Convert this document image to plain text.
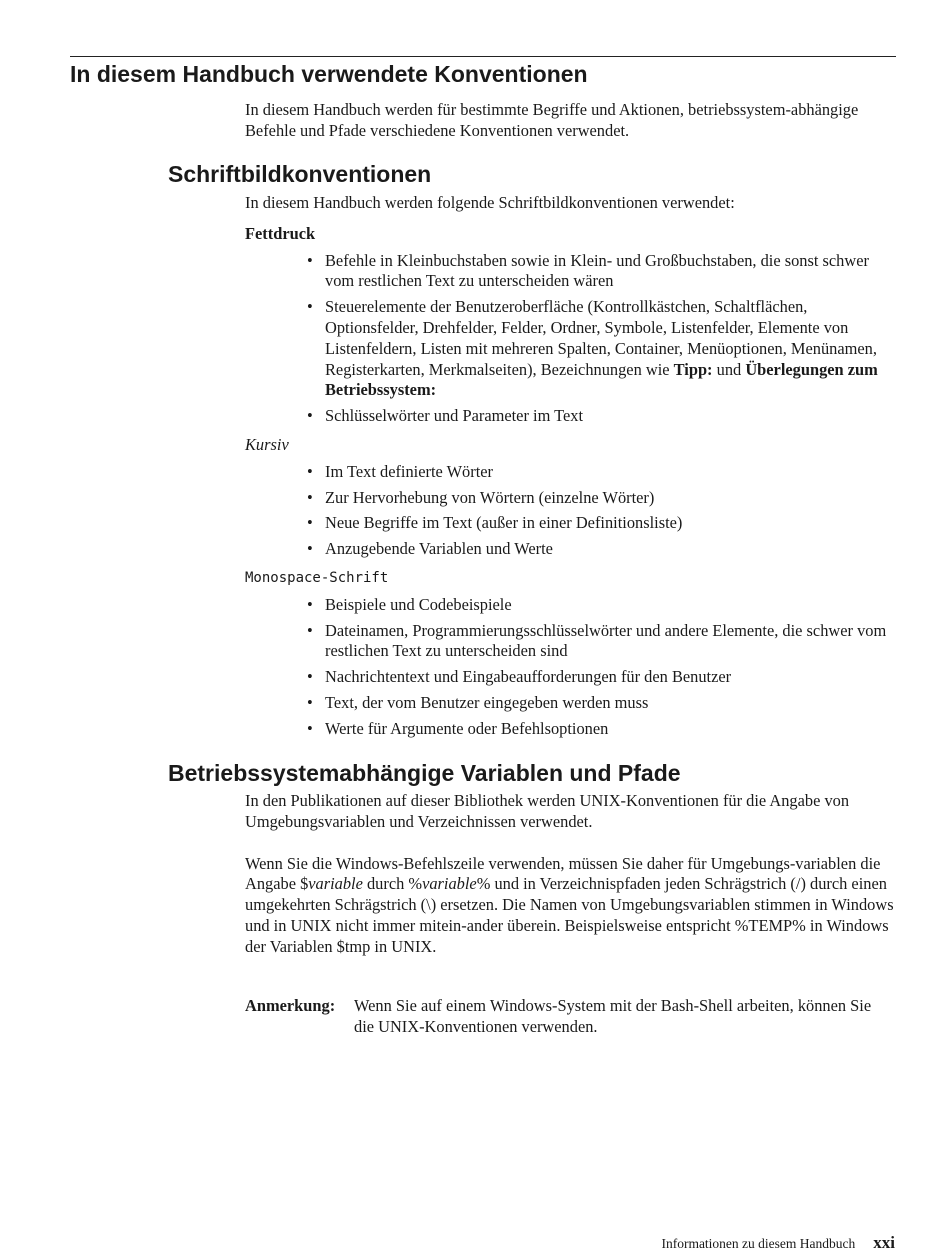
In diesem Handbuch verwendete Konventionen

In diesem Handbuch werden für bestimmte Begriffe und Aktionen, betriebssystem-abhängige Befehle und Pfade verschiedene Konventionen verwendet.

Schriftbildkonventionen

In diesem Handbuch werden folgende Schriftbildkonventionen verwendet:

Fettdruck

• Befehle in Kleinbuchstaben sowie in Klein- und Großbuchstaben, die sonst schwer vom restlichen Text zu unterscheiden wären
• Steuerelemente der Benutzeroberfläche (Kontrollkästchen, Schaltflächen, Optionsfelder, Drehfelder, Felder, Ordner, Symbole, Listenfelder, Elemente von Listenfeldern, Listen mit mehreren Spalten, Container, Menüoptionen, Menünamen, Registerkarten, Merkmalseiten), Bezeichnungen wie Tipp: und Überlegungen zum Betriebssystem:
• Schlüsselwörter und Parameter im Text

Kursiv

• Im Text definierte Wörter
• Zur Hervorhebung von Wörtern (einzelne Wörter)
• Neue Begriffe im Text (außer in einer Definitionsliste)
• Anzugebende Variablen und Werte

Monospace-Schrift

• Beispiele und Codebeispiele
• Dateinamen, Programmierungsschlüsselwörter und andere Elemente, die schwer vom restlichen Text zu unterscheiden sind
• Nachrichtentext und Eingabeaufforderungen für den Benutzer
• Text, der vom Benutzer eingegeben werden muss
• Werte für Argumente oder Befehlsoptionen
Betriebssystemabhängige Variablen und Pfade

In den Publikationen auf dieser Bibliothek werden UNIX-Konventionen für die Angabe von Umgebungsvariablen und Verzeichnissen verwendet.

Wenn Sie die Windows-Befehlszeile verwenden, müssen Sie daher für Umgebungs-variablen die Angabe $variable durch %variable% und in Verzeichnispfaden jeden Schrägstrich (/) durch einen umgekehrten Schrägstrich (\) ersetzen. Die Namen von Umgebungsvariablen stimmen in Windows und in UNIX nicht immer mitein-ander überein. Beispielsweise entspricht %TEMP% in Windows der Variablen $tmp in UNIX.

Anmerkung: Wenn Sie auf einem Windows-System mit der Bash-Shell arbeiten, können Sie die UNIX-Konventionen verwenden.
Informationen zu diesem Handbuch xxi
